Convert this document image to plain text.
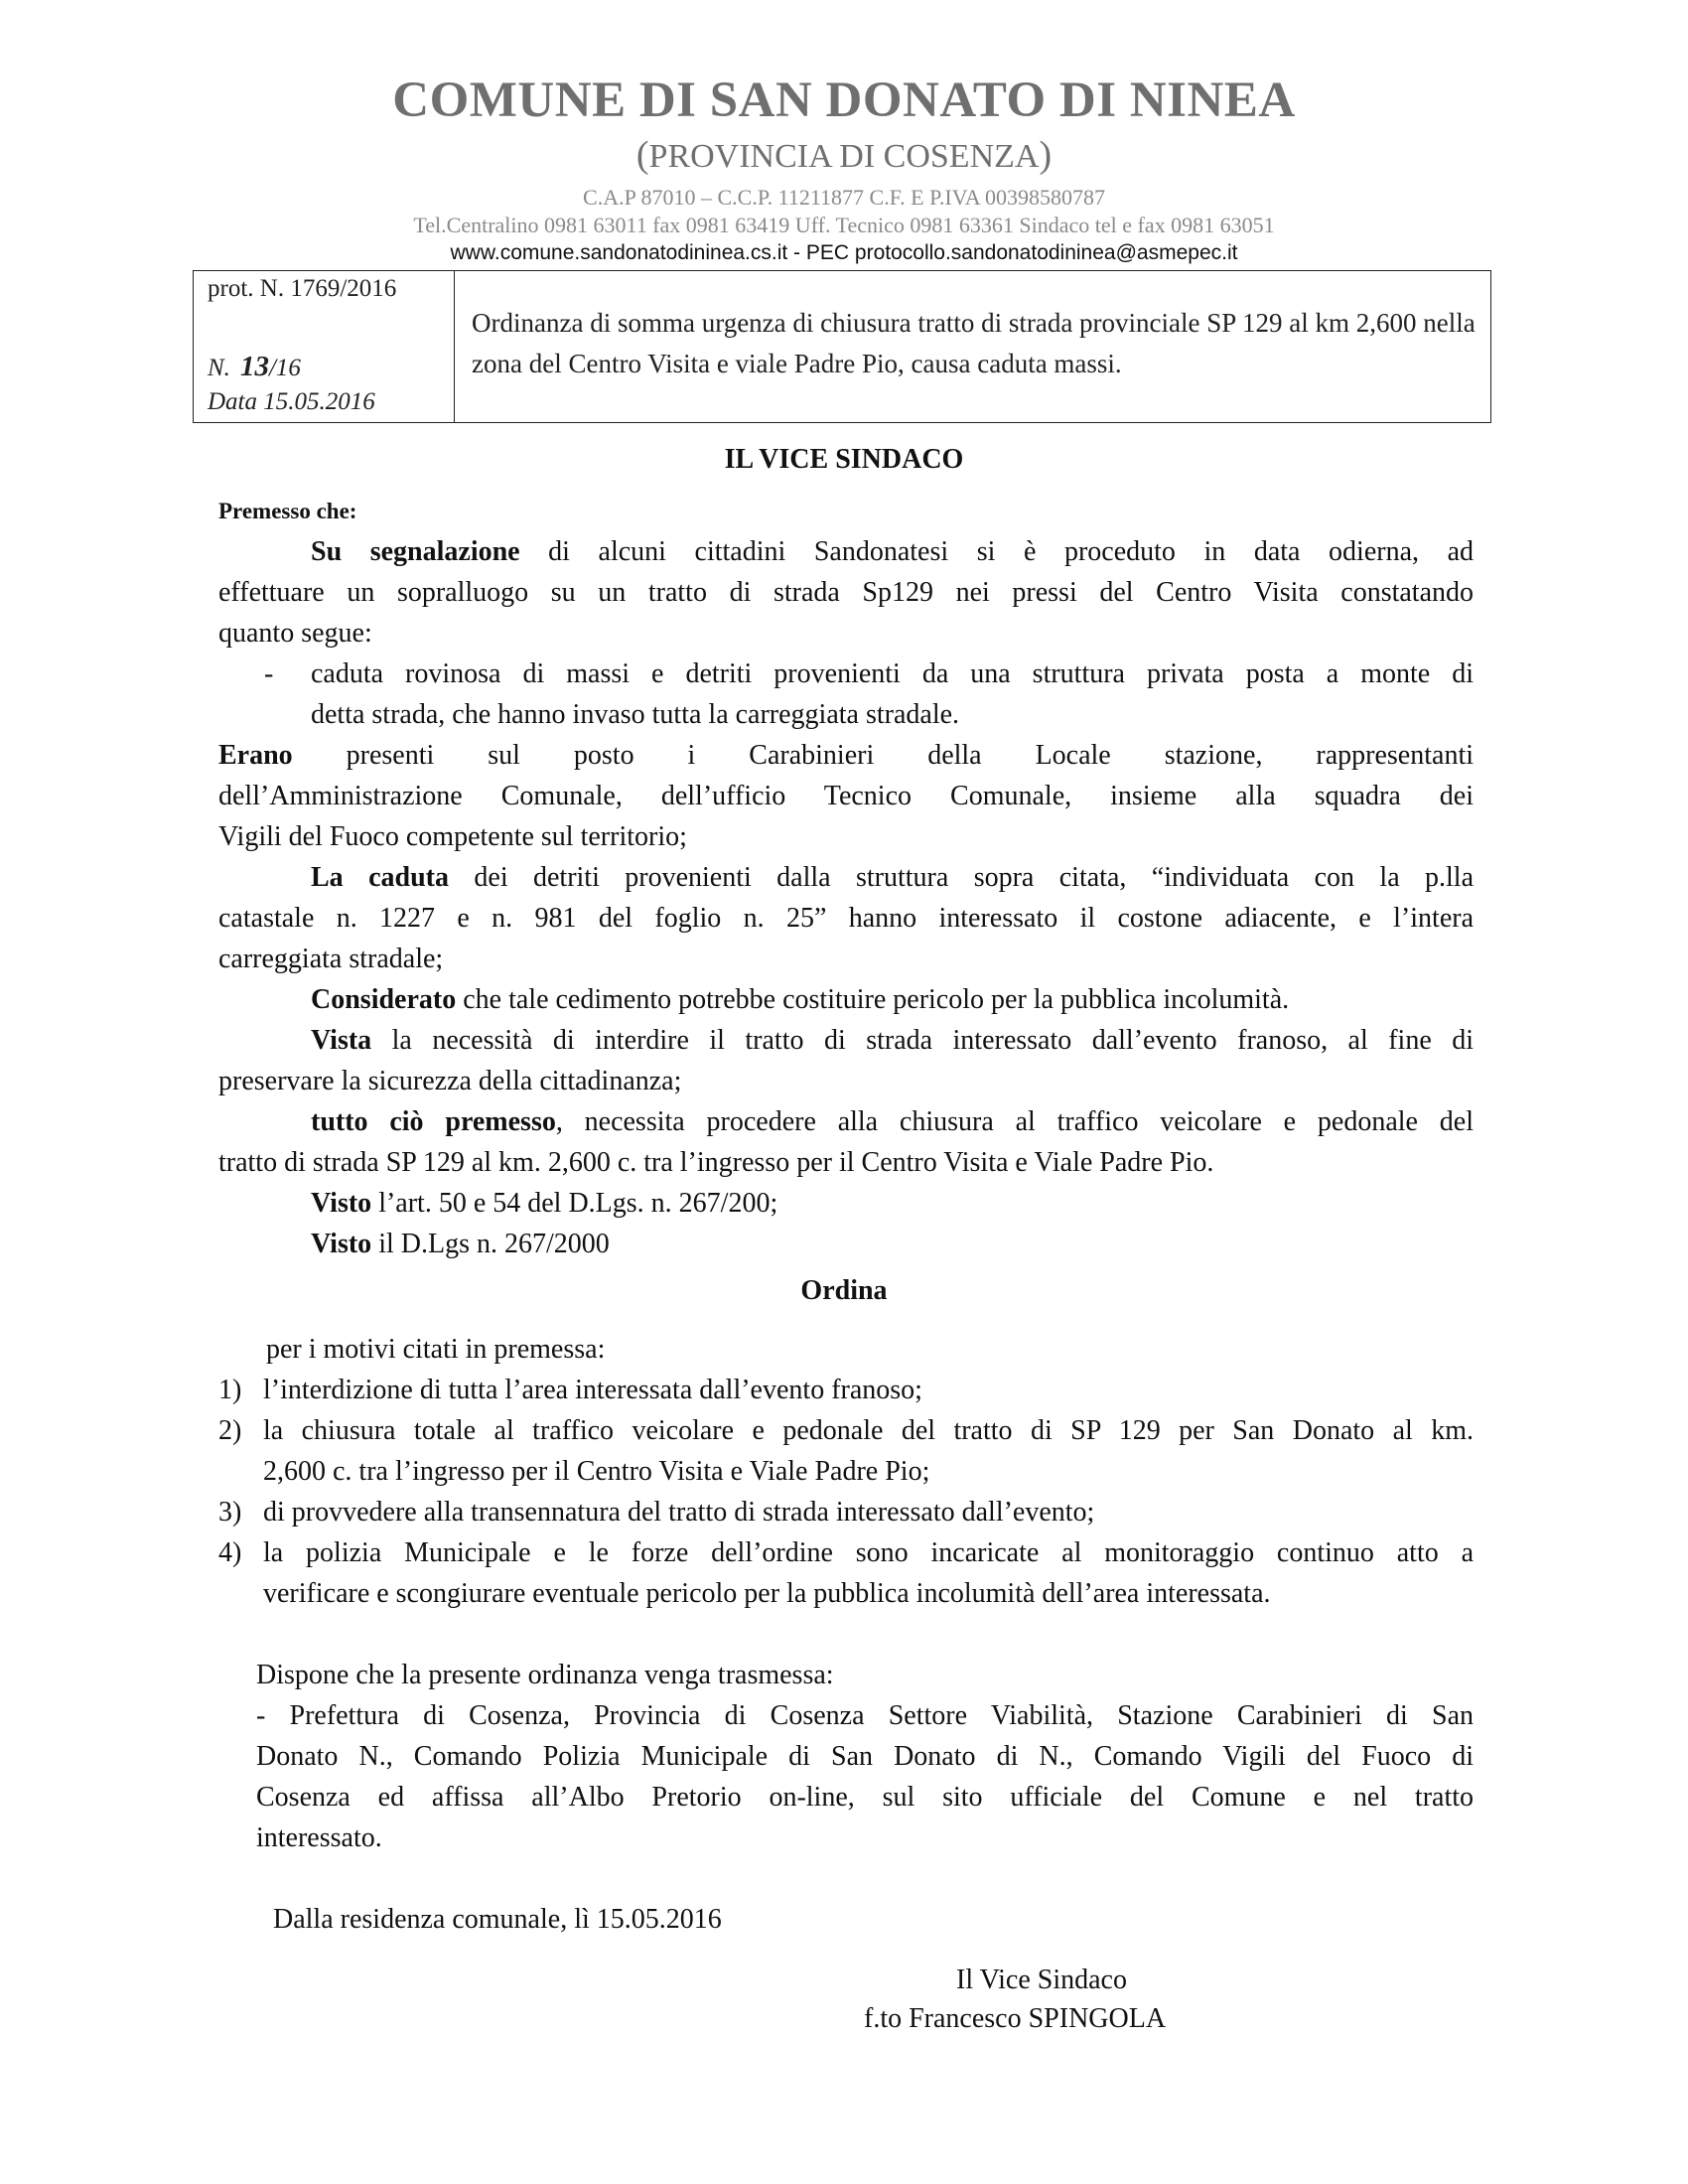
COMUNE DI SAN DONATO DI NINEA
(PROVINCIA DI COSENZA)
C.A.P 87010 – C.C.P. 11211877 C.F. E P.IVA 00398580787
Tel.Centralino 0981 63011 fax 0981 63419 Uff. Tecnico 0981 63361 Sindaco tel e fax 0981 63051
www.comune.sandonatodininea.cs.it - PEC protocollo.sandonatodininea@asmepec.it
prot. N. 1769/2016
N. 13/16
Data 15.05.2016
Ordinanza di somma urgenza di chiusura tratto di strada provinciale SP 129 al km 2,600 nella zona del Centro Visita e viale Padre Pio, causa caduta massi.
IL VICE SINDACO
Premesso che:
Su segnalazione di alcuni cittadini Sandonatesi si è proceduto in data odierna, ad
effettuare un sopralluogo su un tratto di strada Sp129 nei pressi del Centro Visita constatando
quanto segue:
- caduta rovinosa di massi e detriti provenienti da una struttura privata posta a monte di
detta strada, che hanno invaso tutta la carreggiata stradale.
Erano presenti sul posto i Carabinieri della Locale stazione, rappresentanti
dell’Amministrazione Comunale, dell’ufficio Tecnico Comunale, insieme alla squadra dei
Vigili del Fuoco competente sul territorio;
La caduta dei detriti provenienti dalla struttura sopra citata, “individuata con la p.lla
catastale n. 1227 e n. 981 del foglio n. 25” hanno interessato il costone adiacente, e l’intera
carreggiata stradale;
Considerato che tale cedimento potrebbe costituire pericolo per la pubblica incolumità.
Vista la necessità di interdire il tratto di strada interessato dall’evento franoso, al fine di
preservare la sicurezza della cittadinanza;
tutto ciò premesso, necessita procedere alla chiusura al traffico veicolare e pedonale del
tratto di strada SP 129 al km. 2,600 c. tra l’ingresso per il Centro Visita e Viale Padre Pio.
Visto l’art. 50 e 54 del D.Lgs. n. 267/200;
Visto il D.Lgs n. 267/2000
Ordina
per i motivi citati in premessa:
1) l’interdizione di tutta l’area interessata dall’evento franoso;
2) la chiusura totale al traffico veicolare e pedonale del tratto di SP 129 per San Donato al km.
2,600 c. tra l’ingresso per il Centro Visita e Viale Padre Pio;
3) di provvedere alla transennatura del tratto di strada interessato dall’evento;
4) la polizia Municipale e le forze dell’ordine sono incaricate al monitoraggio continuo atto a
verificare e scongiurare eventuale pericolo per la pubblica incolumità dell’area interessata.
Dispone che la presente ordinanza venga trasmessa:
- Prefettura di Cosenza, Provincia di Cosenza Settore Viabilità, Stazione Carabinieri di San
Donato N., Comando Polizia Municipale di San Donato di N., Comando Vigili del Fuoco di
Cosenza ed affissa all’Albo Pretorio on-line, sul sito ufficiale del Comune e nel tratto
interessato.
Dalla residenza comunale, lì 15.05.2016
Il Vice Sindaco
f.to Francesco SPINGOLA
